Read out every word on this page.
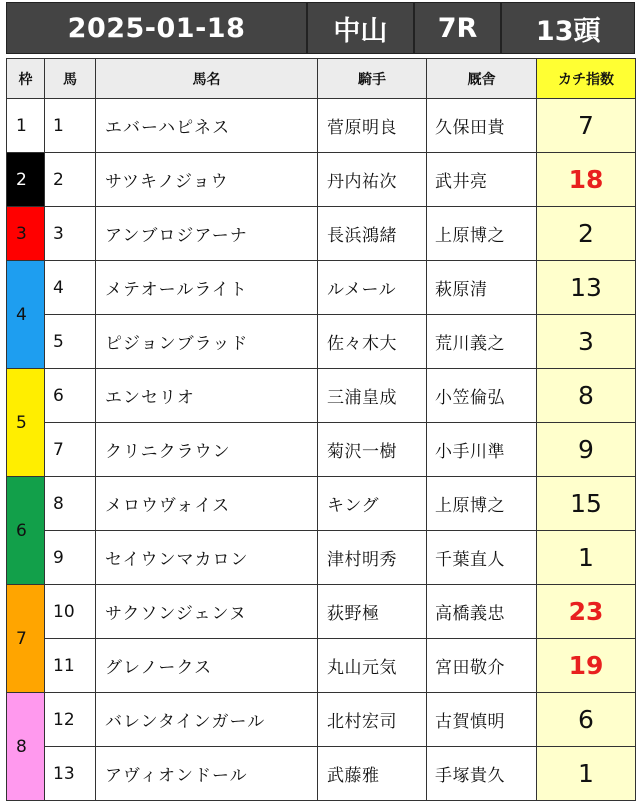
2025-01-18	中山	7R	13頭
枠	馬	馬名	騎手	厩舎	カチ指数
1	1	エバーハピネス	菅原明良	久保田貴	7
2	2	サツキノジョウ	丹内祐次	武井亮	18
3	3	アンブロジアーナ	長浜鴻緒	上原博之	2
4	4	メテオールライト	ルメール	萩原清	13
	5	ピジョンブラッド	佐々木大	荒川義之	3
5	6	エンセリオ	三浦皇成	小笠倫弘	8
	7	クリニクラウン	菊沢一樹	小手川準	9
6	8	メロウヴォイス	キング	上原博之	15
	9	セイウンマカロン	津村明秀	千葉直人	1
7	10	サクソンジェンヌ	荻野極	高橋義忠	23
	11	グレノークス	丸山元気	宮田敬介	19
8	12	バレンタインガール	北村宏司	古賀慎明	6
	13	アヴィオンドール	武藤雅	手塚貴久	1
